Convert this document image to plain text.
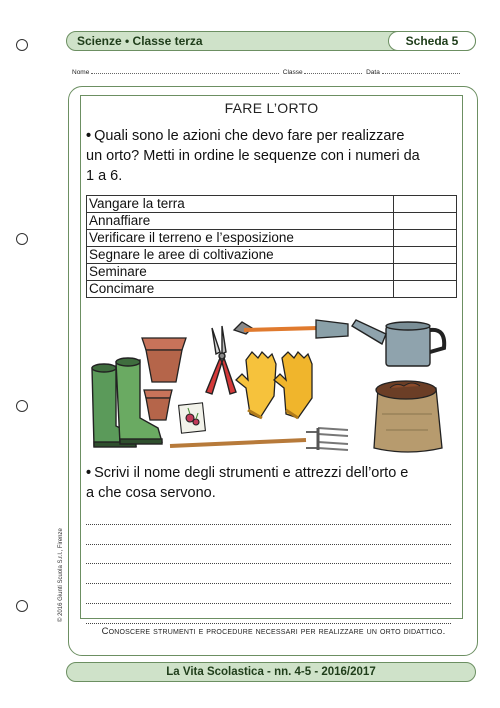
Scienze • Classe terza	Scheda 5
Nome	Classe	Data
FARE L’ORTO
• Quali sono le azioni che devo fare per realizzare
un orto? Metti in ordine le sequenze con i numeri da
1 a 6.
Vangare la terra	
Annaffiare	
Verificare il terreno e l’esposizione	
Segnare le aree di coltivazione	
Seminare	
Concimare	
• Scrivi il nome degli strumenti e attrezzi dell’orto e
a che cosa servono.
Conoscere strumenti e procedure necessari per realizzare un orto didattico.
© 2016 Giunti Scuola S.r.l., Firenze
La Vita Scolastica - nn. 4-5 - 2016/2017
